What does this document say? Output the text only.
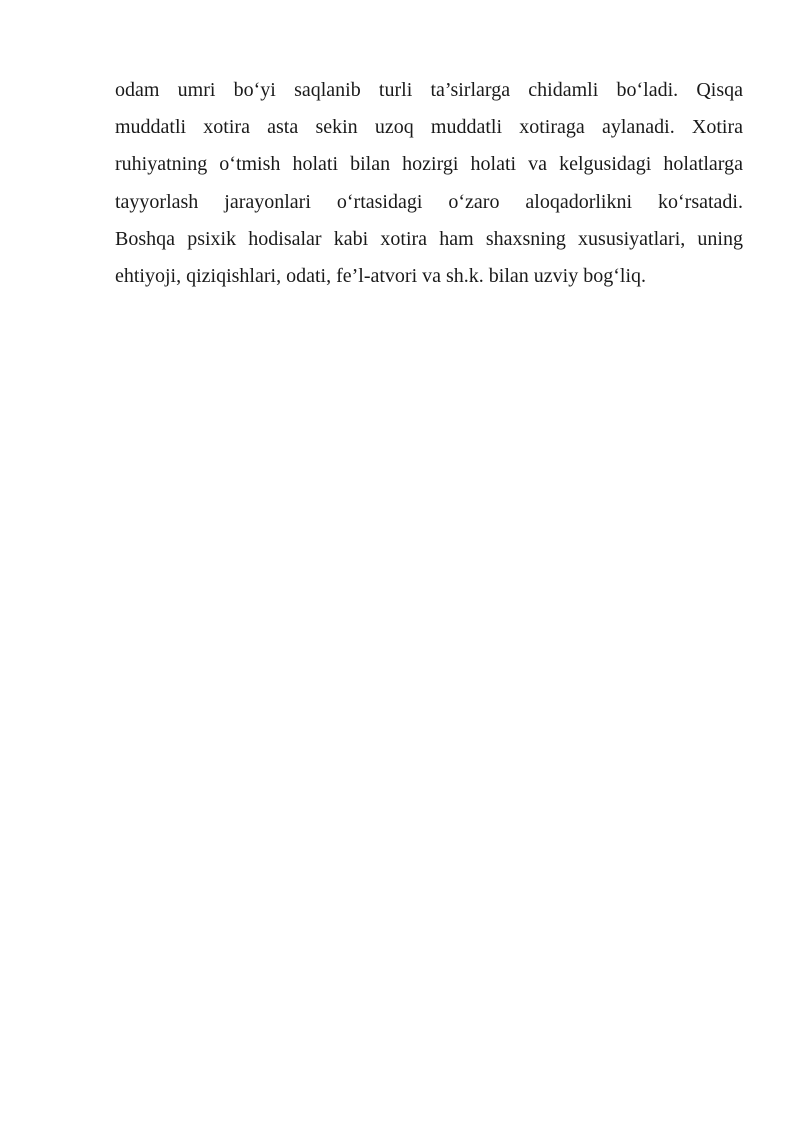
odam umri bo‘yi saqlanib turli ta’sirlarga chidamli bo‘ladi. Qisqa
muddatli xotira asta sekin uzoq muddatli xotiraga aylanadi. Xotira
ruhiyatning o‘tmish holati bilan hozirgi holati va kelgusidagi holatlarga
tayyorlash jarayonlari o‘rtasidagi o‘zaro aloqadorlikni ko‘rsatadi.
Boshqa psixik hodisalar kabi xotira ham shaxsning xususiyatlari, uning
ehtiyoji, qiziqishlari, odati, fe’l-atvori va sh.k. bilan uzviy bog‘liq.
